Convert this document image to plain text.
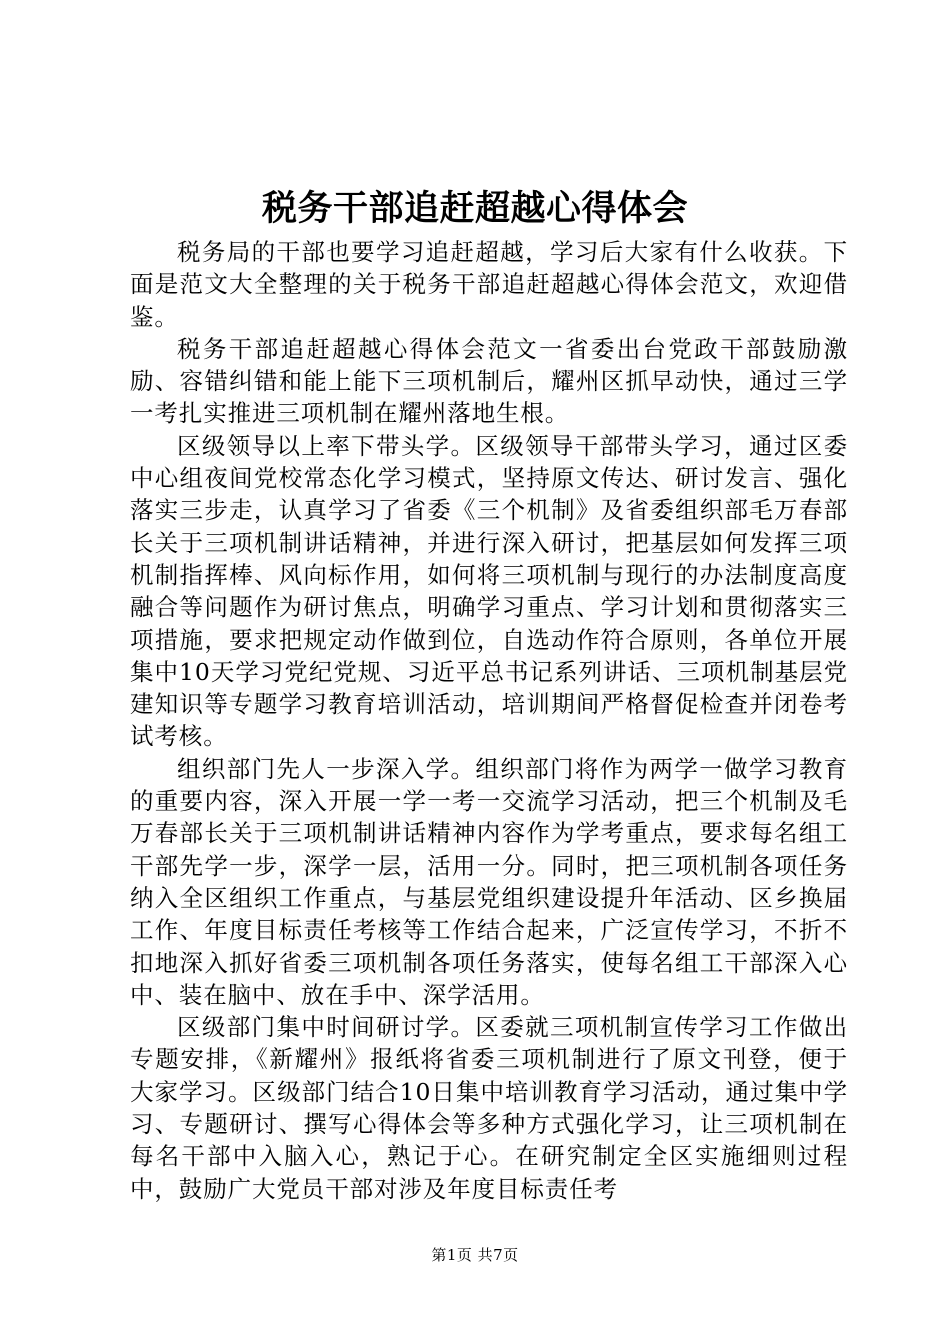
税务干部追赶超越心得体会

税务局的干部也要学习追赶超越，学习后大家有什么收获。下面是范文大全整理的关于税务干部追赶超越心得体会范文，欢迎借鉴。

税务干部追赶超越心得体会范文一省委出台党政干部鼓励激励、容错纠错和能上能下三项机制后，耀州区抓早动快，通过三学一考扎实推进三项机制在耀州落地生根。

区级领导以上率下带头学。区级领导干部带头学习，通过区委中心组夜间党校常态化学习模式，坚持原文传达、研讨发言、强化落实三步走，认真学习了省委《三个机制》及省委组织部毛万春部长关于三项机制讲话精神，并进行深入研讨，把基层如何发挥三项机制指挥棒、风向标作用，如何将三项机制与现行的办法制度高度融合等问题作为研讨焦点，明确学习重点、学习计划和贯彻落实三项措施，要求把规定动作做到位，自选动作符合原则，各单位开展集中10天学习党纪党规、习近平总书记系列讲话、三项机制基层党建知识等专题学习教育培训活动，培训期间严格督促检查并闭卷考试考核。

组织部门先人一步深入学。组织部门将作为两学一做学习教育的重要内容，深入开展一学一考一交流学习活动，把三个机制及毛万春部长关于三项机制讲话精神内容作为学考重点，要求每名组工干部先学一步，深学一层，活用一分。同时，把三项机制各项任务纳入全区组织工作重点，与基层党组织建设提升年活动、区乡换届工作、年度目标责任考核等工作结合起来，广泛宣传学习，不折不扣地深入抓好省委三项机制各项任务落实，使每名组工干部深入心中、装在脑中、放在手中、深学活用。

区级部门集中时间研讨学。区委就三项机制宣传学习工作做出专题安排，《新耀州》报纸将省委三项机制进行了原文刊登，便于大家学习。区级部门结合10日集中培训教育学习活动，通过集中学习、专题研讨、撰写心得体会等多种方式强化学习，让三项机制在每名干部中入脑入心，熟记于心。在研究制定全区实施细则过程中，鼓励广大党员干部对涉及年度目标责任考

第1页 共7页
